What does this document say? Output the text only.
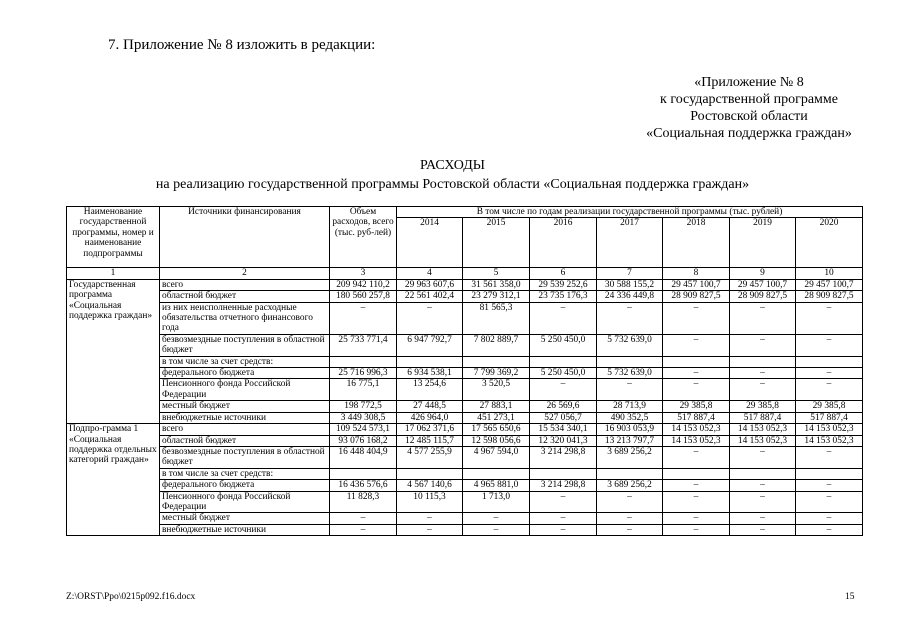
7. Приложение № 8 изложить в редакции:
«Приложение № 8
к государственной программе
Ростовской области
«Социальная поддержка граждан»
РАСХОДЫ
на реализацию государственной программы Ростовской области «Социальная поддержка граждан»
Наименование государственной программы, номер и наименование подпрограммы	Источники финансирования	Объем расходов, всего (тыс. руб-лей)	В том числе по годам реализации государственной программы (тыс. рублей)						
			2014	2015	2016	2017	2018	2019	2020
1	2	3	4	5	6	7	8	9	10
Государственная программа «Социальная поддержка граждан»	всего	209 942 110,2	29 963 607,6	31 561 358,0	29 539 252,6	30 588 155,2	29 457 100,7	29 457 100,7	29 457 100,7
	областной бюджет	180 560 257,8	22 561 402,4	23 279 312,1	23 735 176,3	24 336 449,8	28 909 827,5	28 909 827,5	28 909 827,5
	из них неисполненные расходные обязательства отчетного финансового года	–	–	81 565,3	–	–	–	–	–
	безвозмездные поступления в областной бюджет	25 733 771,4	6 947 792,7	7 802 889,7	5 250 450,0	5 732 639,0	–	–	–
	в том числе за счет средств:								
	федерального бюджета	25 716 996,3	6 934 538,1	7 799 369,2	5 250 450,0	5 732 639,0	–	–	–
	Пенсионного фонда Российской Федерации	16 775,1	13 254,6	3 520,5	–	–	–	–	–
	местный бюджет	198 772,5	27 448,5	27 883,1	26 569,6	28 713,9	29 385,8	29 385,8	29 385,8
	внебюджетные источники	3 449 308,5	426 964,0	451 273,1	527 056,7	490 352,5	517 887,4	517 887,4	517 887,4
Подпро-грамма 1 «Социальная поддержка отдельных категорий граждан»	всего	109 524 573,1	17 062 371,6	17 565 650,6	15 534 340,1	16 903 053,9	14 153 052,3	14 153 052,3	14 153 052,3
	областной бюджет	93 076 168,2	12 485 115,7	12 598 056,6	12 320 041,3	13 213 797,7	14 153 052,3	14 153 052,3	14 153 052,3
	безвозмездные поступления в областной бюджет	16 448 404,9	4 577 255,9	4 967 594,0	3 214 298,8	3 689 256,2	–	–	–
	в том числе за счет средств:								
	федерального бюджета	16 436 576,6	4 567 140,6	4 965 881,0	3 214 298,8	3 689 256,2	–	–	–
	Пенсионного фонда Российской Федерации	11 828,3	10 115,3	1 713,0	–	–	–	–	–
	местный бюджет	–	–	–	–	–	–	–	–
	внебюджетные источники	–	–	–	–	–	–	–	–
Z:\ORST\Ppo\0215p092.f16.docx	15
